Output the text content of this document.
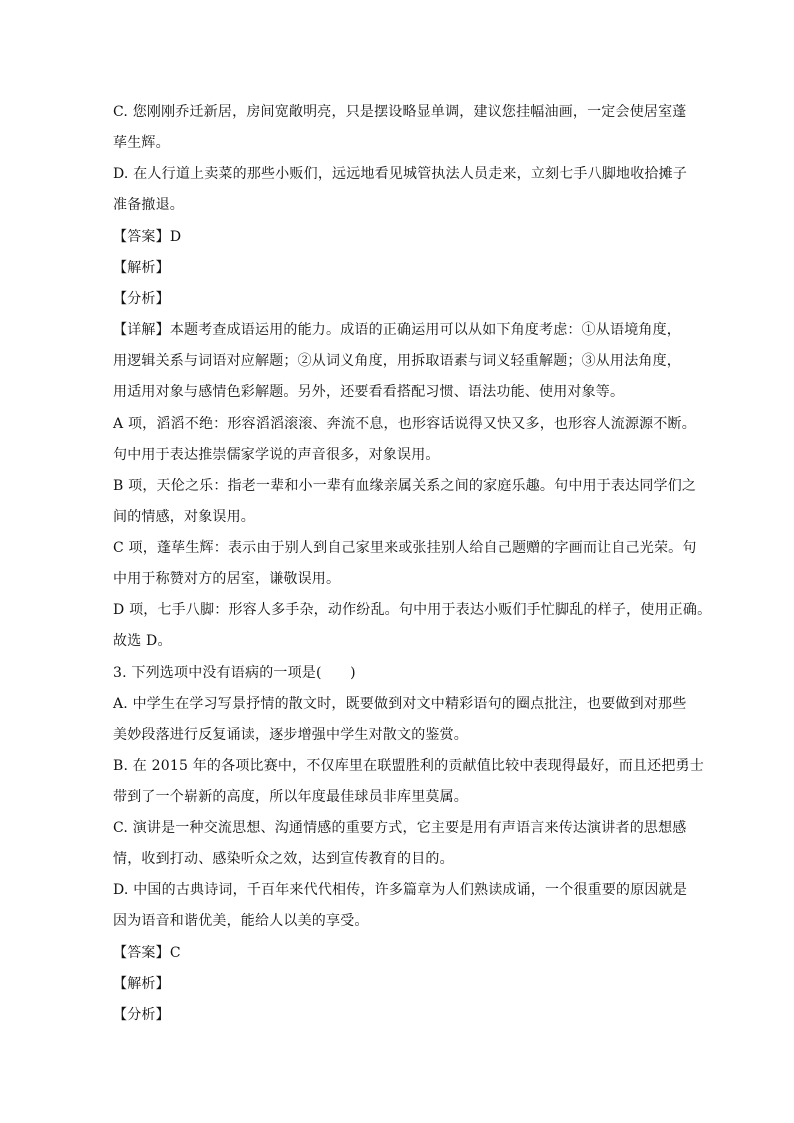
C. 您刚刚乔迁新居，房间宽敞明亮，只是摆设略显单调，建议您挂幅油画，一定会使居室蓬
荜生辉。
D. 在人行道上卖菜的那些小贩们，远远地看见城管执法人员走来，立刻七手八脚地收拾摊子
准备撤退。
【答案】D
【解析】
【分析】
【详解】本题考查成语运用的能力。成语的正确运用可以从如下角度考虑：①从语境角度，
用逻辑关系与词语对应解题；②从词义角度，用拆取语素与词义轻重解题；③从用法角度，
用适用对象与感情色彩解题。另外，还要看看搭配习惯、语法功能、使用对象等。
A 项，滔滔不绝：形容滔滔滚滚、奔流不息，也形容话说得又快又多，也形容人流源源不断。
句中用于表达推崇儒家学说的声音很多，对象误用。
B 项，天伦之乐：指老一辈和小一辈有血缘亲属关系之间的家庭乐趣。句中用于表达同学们之
间的情感，对象误用。
C 项，蓬荜生辉：表示由于别人到自己家里来或张挂别人给自己题赠的字画而让自己光荣。句
中用于称赞对方的居室，谦敬误用。
D 项，七手八脚：形容人多手杂，动作纷乱。句中用于表达小贩们手忙脚乱的样子，使用正确。
故选 D。
3. 下列选项中没有语病的一项是(　　)
A. 中学生在学习写景抒情的散文时，既要做到对文中精彩语句的圈点批注，也要做到对那些
美妙段落进行反复诵读，逐步增强中学生对散文的鉴赏。
B. 在 2015 年的各项比赛中，不仅库里在联盟胜利的贡献值比较中表现得最好，而且还把勇士
带到了一个崭新的高度，所以年度最佳球员非库里莫属。
C. 演讲是一种交流思想、沟通情感的重要方式，它主要是用有声语言来传达演讲者的思想感
情，收到打动、感染听众之效，达到宣传教育的目的。
D. 中国的古典诗词，千百年来代代相传，许多篇章为人们熟读成诵，一个很重要的原因就是
因为语音和谐优美，能给人以美的享受。
【答案】C
【解析】
【分析】
